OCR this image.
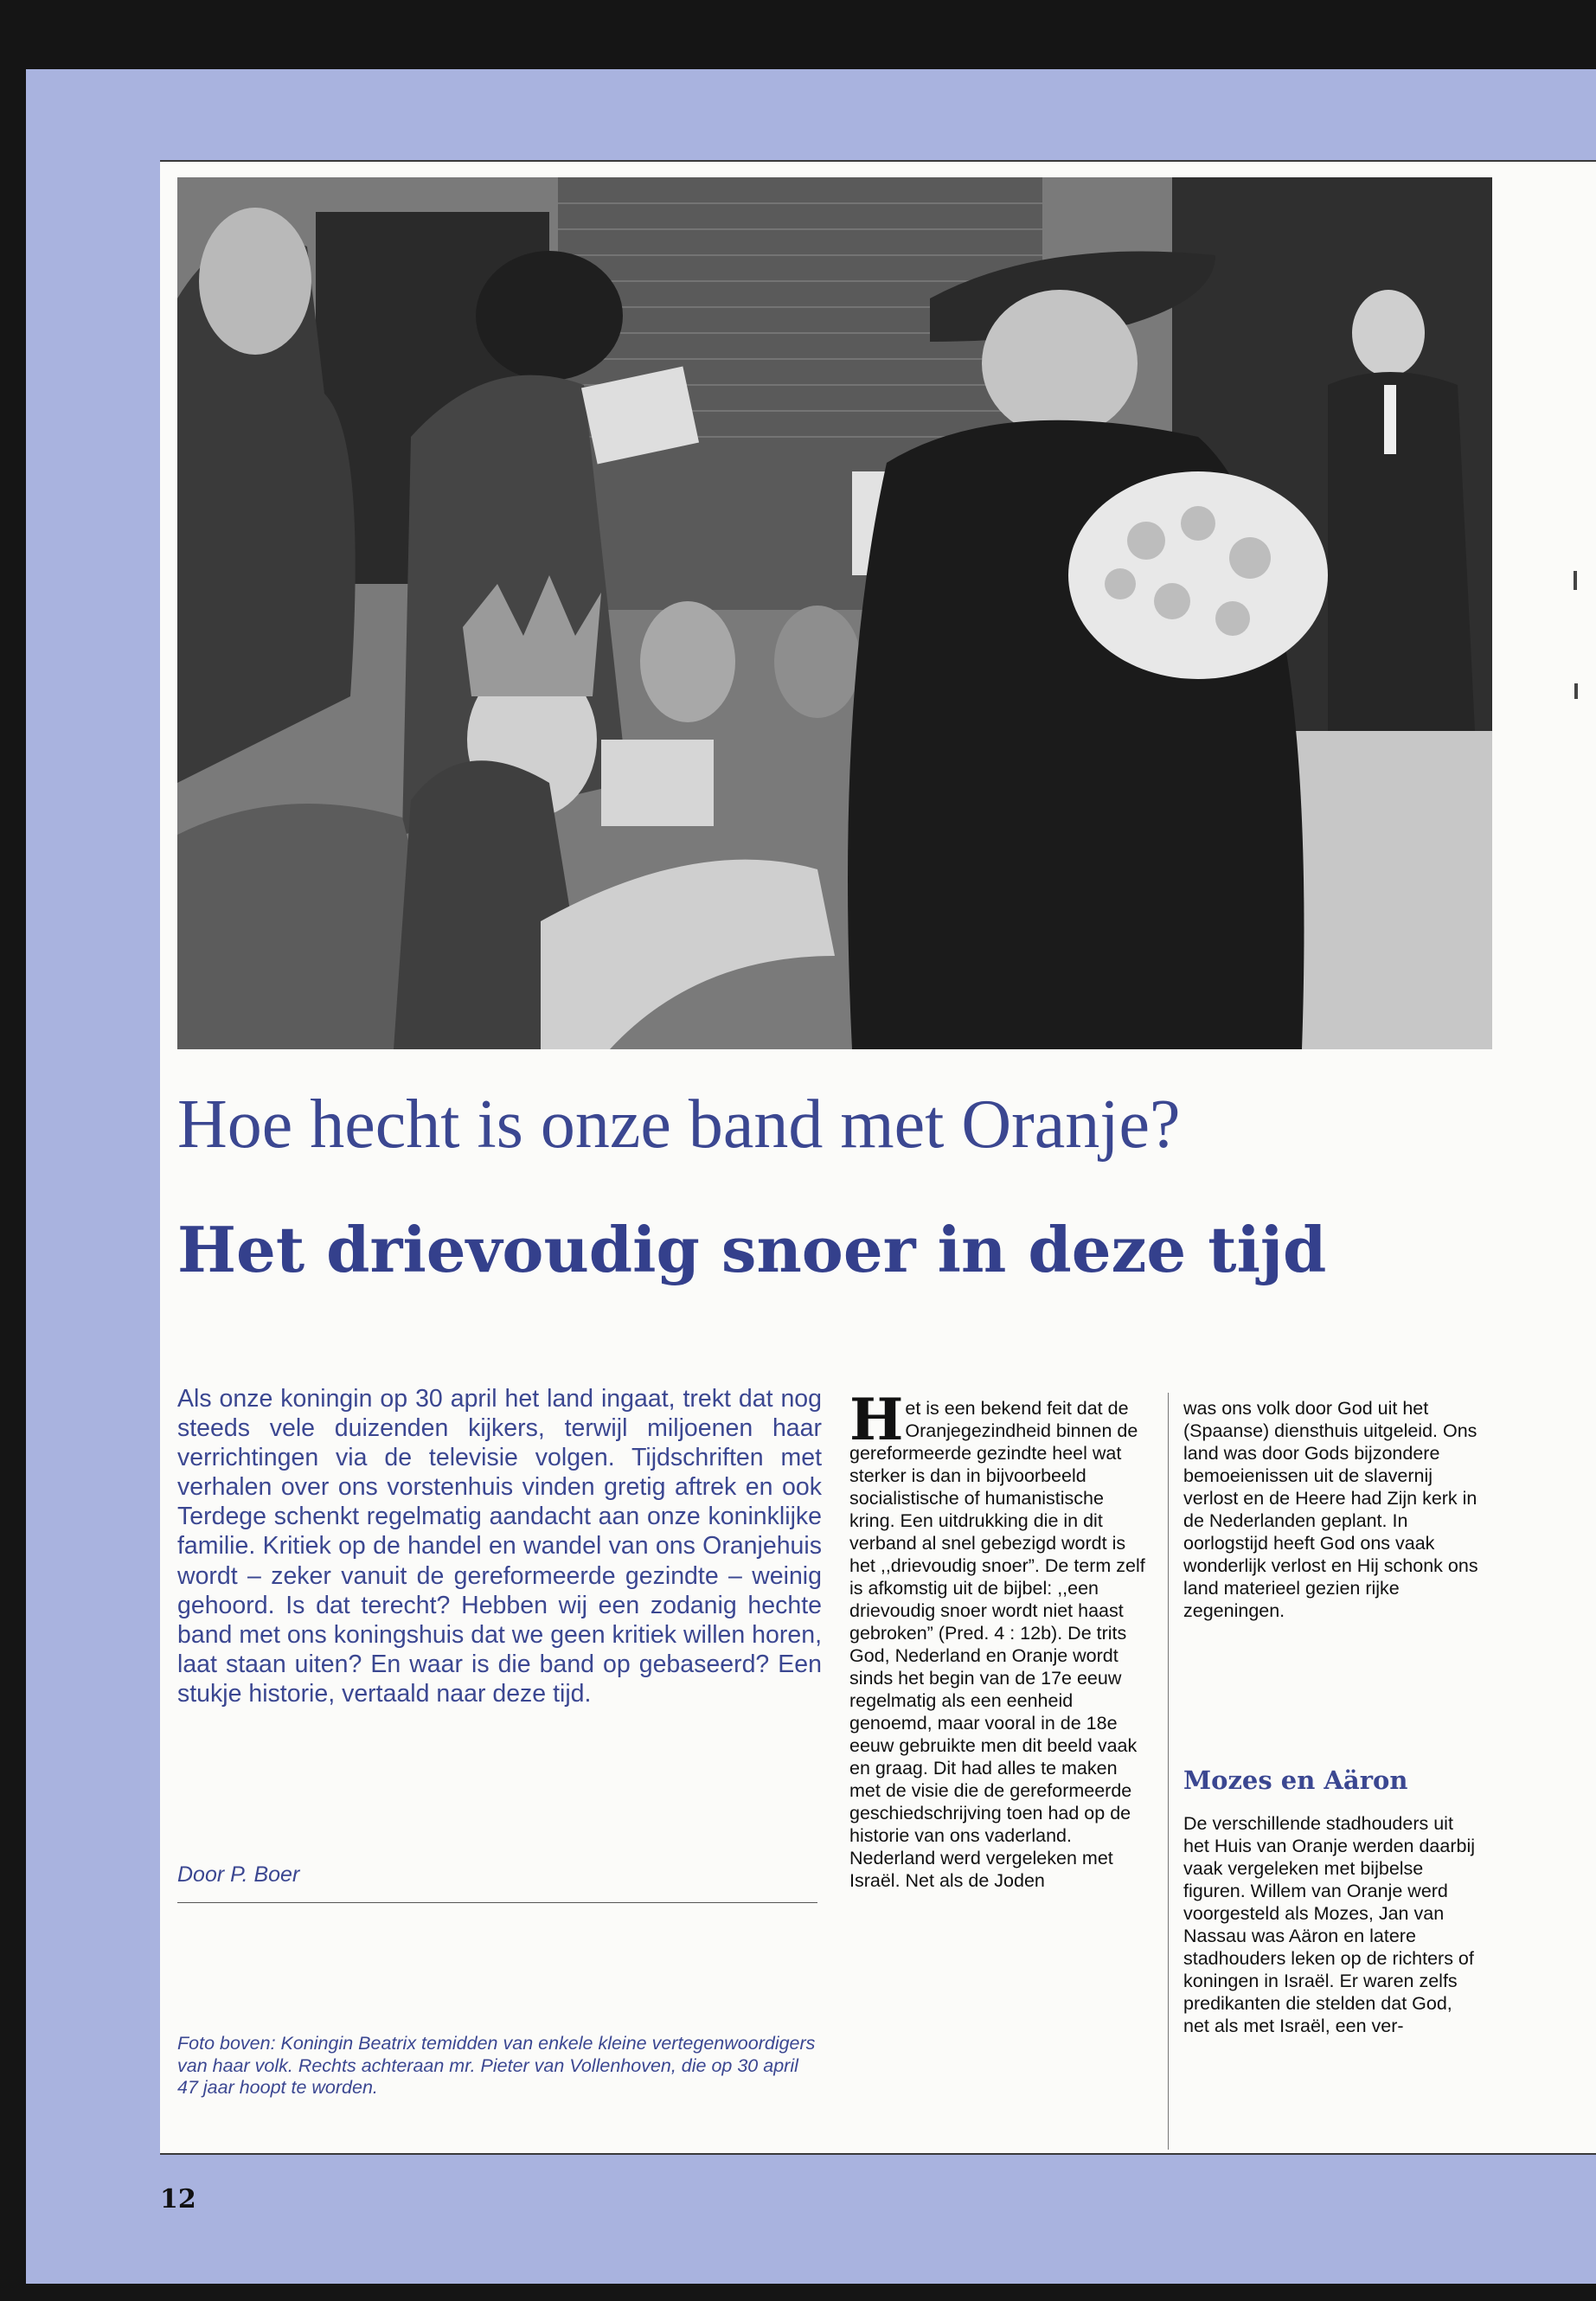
Hoe hecht is onze band met Oranje?
Het drievoudig snoer in deze tijd

Als onze koningin op 30 april het land ingaat, trekt dat nog steeds vele duizenden kijkers, terwijl miljoenen haar verrichtingen via de televisie volgen. Tijdschriften met verhalen over ons vorstenhuis vinden gretig aftrek en ook Terdege schenkt regelmatig aandacht aan onze koninklijke familie. Kritiek op de handel en wandel van ons Oranjehuis wordt – zeker vanuit de gereformeerde gezindte – weinig gehoord. Is dat terecht? Hebben wij een zodanig hechte band met ons koningshuis dat we geen kritiek willen horen, laat staan uiten? En waar is die band op gebaseerd? Een stukje historie, vertaald naar deze tijd.

Door P. Boer

Foto boven: Koningin Beatrix temidden van enkele kleine vertegenwoordigers van haar volk. Rechts achteraan mr. Pieter van Vollenhoven, die op 30 april 47 jaar hoopt te worden.

Het is een bekend feit dat de Oranjegezindheid binnen de gereformeerde gezindte heel wat sterker is dan in bijvoorbeeld socialistische of humanistische kring. Een uitdrukking die in dit verband al snel gebezigd wordt is het ,,drievoudig snoer”. De term zelf is afkomstig uit de bijbel: ,,een drievoudig snoer wordt niet haast gebroken” (Pred. 4 : 12b). De trits God, Nederland en Oranje wordt sinds het begin van de 17e eeuw regelmatig als een eenheid genoemd, maar vooral in de 18e eeuw gebruikte men dit beeld vaak en graag. Dit had alles te maken met de visie die de gereformeerde geschiedschrijving toen had op de historie van ons vaderland. Nederland werd vergeleken met Israël. Net als de Joden

was ons volk door God uit het (Spaanse) diensthuis uitgeleid. Ons land was door Gods bijzondere bemoeienissen uit de slavernij verlost en de Heere had Zijn kerk in de Nederlanden geplant. In oorlogstijd heeft God ons vaak wonderlijk verlost en Hij schonk ons land materieel gezien rijke zegeningen.

Mozes en Aäron

De verschillende stadhouders uit het Huis van Oranje werden daarbij vaak vergeleken met bijbelse figuren. Willem van Oranje werd voorgesteld als Mozes, Jan van Nassau was Aäron en latere stadhouders leken op de richters of koningen in Israël. Er waren zelfs predikanten die stelden dat God, net als met Israël, een ver-

12
